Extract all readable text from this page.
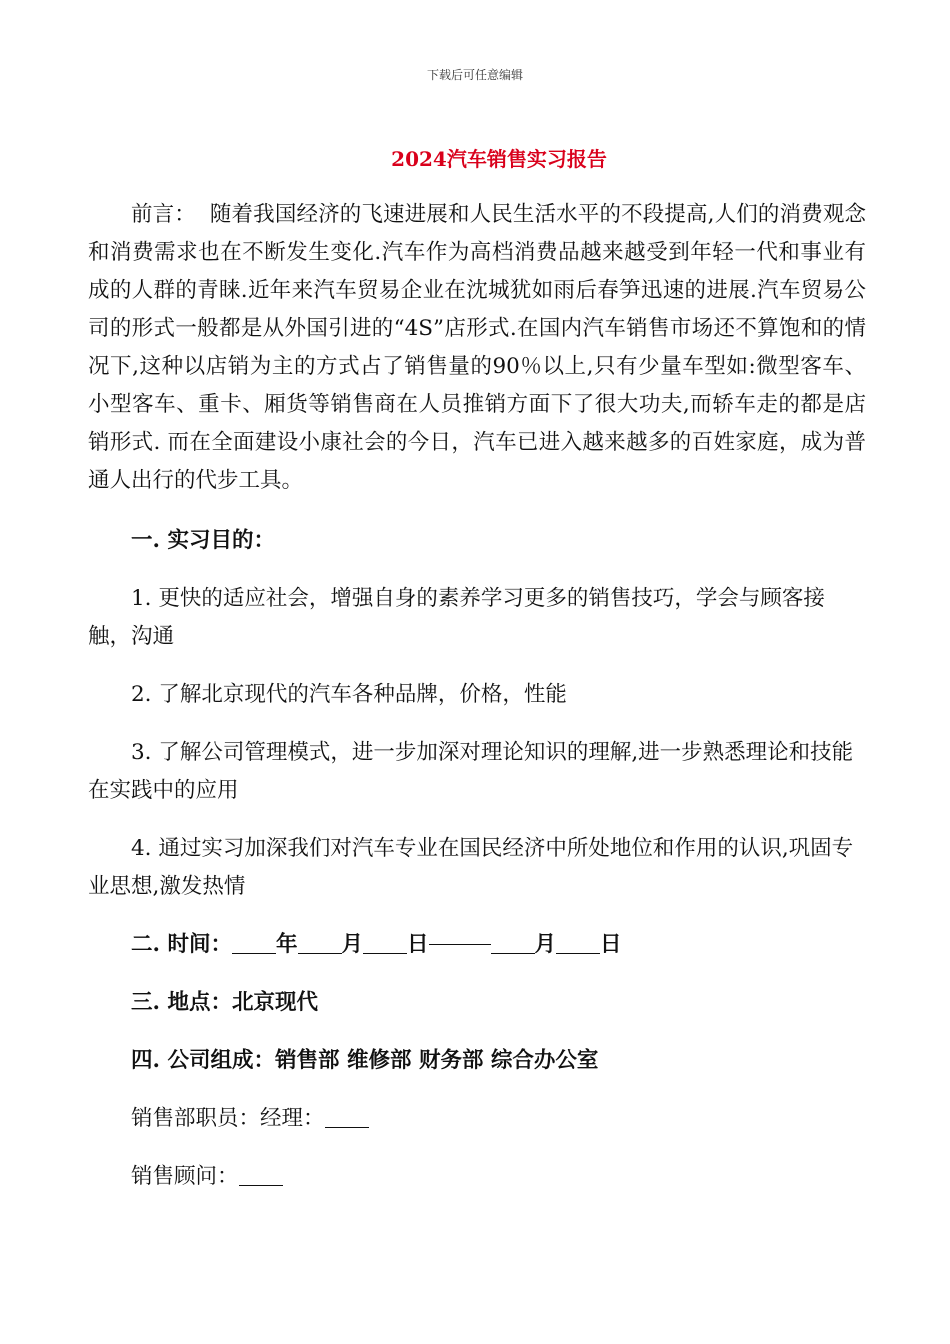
下载后可任意编辑
2024汽车销售实习报告

前言： 随着我国经济的飞速进展和人民生活水平的不段提高,人们的消费观念和消费需求也在不断发生变化.汽车作为高档消费品越来越受到年轻一代和事业有成的人群的青睐.近年来汽车贸易企业在沈城犹如雨后春笋迅速的进展.汽车贸易公司的形式一般都是从外国引进的“4S”店形式.在国内汽车销售市场还不算饱和的情况下,这种以店销为主的方式占了销售量的90％以上,只有少量车型如:微型客车、小型客车、重卡、厢货等销售商在人员推销方面下了很大功夫,而轿车走的都是店销形式. 而在全面建设小康社会的今日，汽车已进入越来越多的百姓家庭，成为普通人出行的代步工具。

一. 实习目的：

1. 更快的适应社会，增强自身的素养学习更多的销售技巧，学会与顾客接触，沟通

2. 了解北京现代的汽车各种品牌，价格，性能

3. 了解公司管理模式，进一步加深对理论知识的理解,进一步熟悉理论和技能在实践中的应用

4. 通过实习加深我们对汽车专业在国民经济中所处地位和作用的认识,巩固专业思想,激发热情

二. 时间： 年 月 日	月 日

三. 地点：北京现代

四. 公司组成：销售部 维修部 财务部 综合办公室

销售部职员：经理：

销售顾问：
